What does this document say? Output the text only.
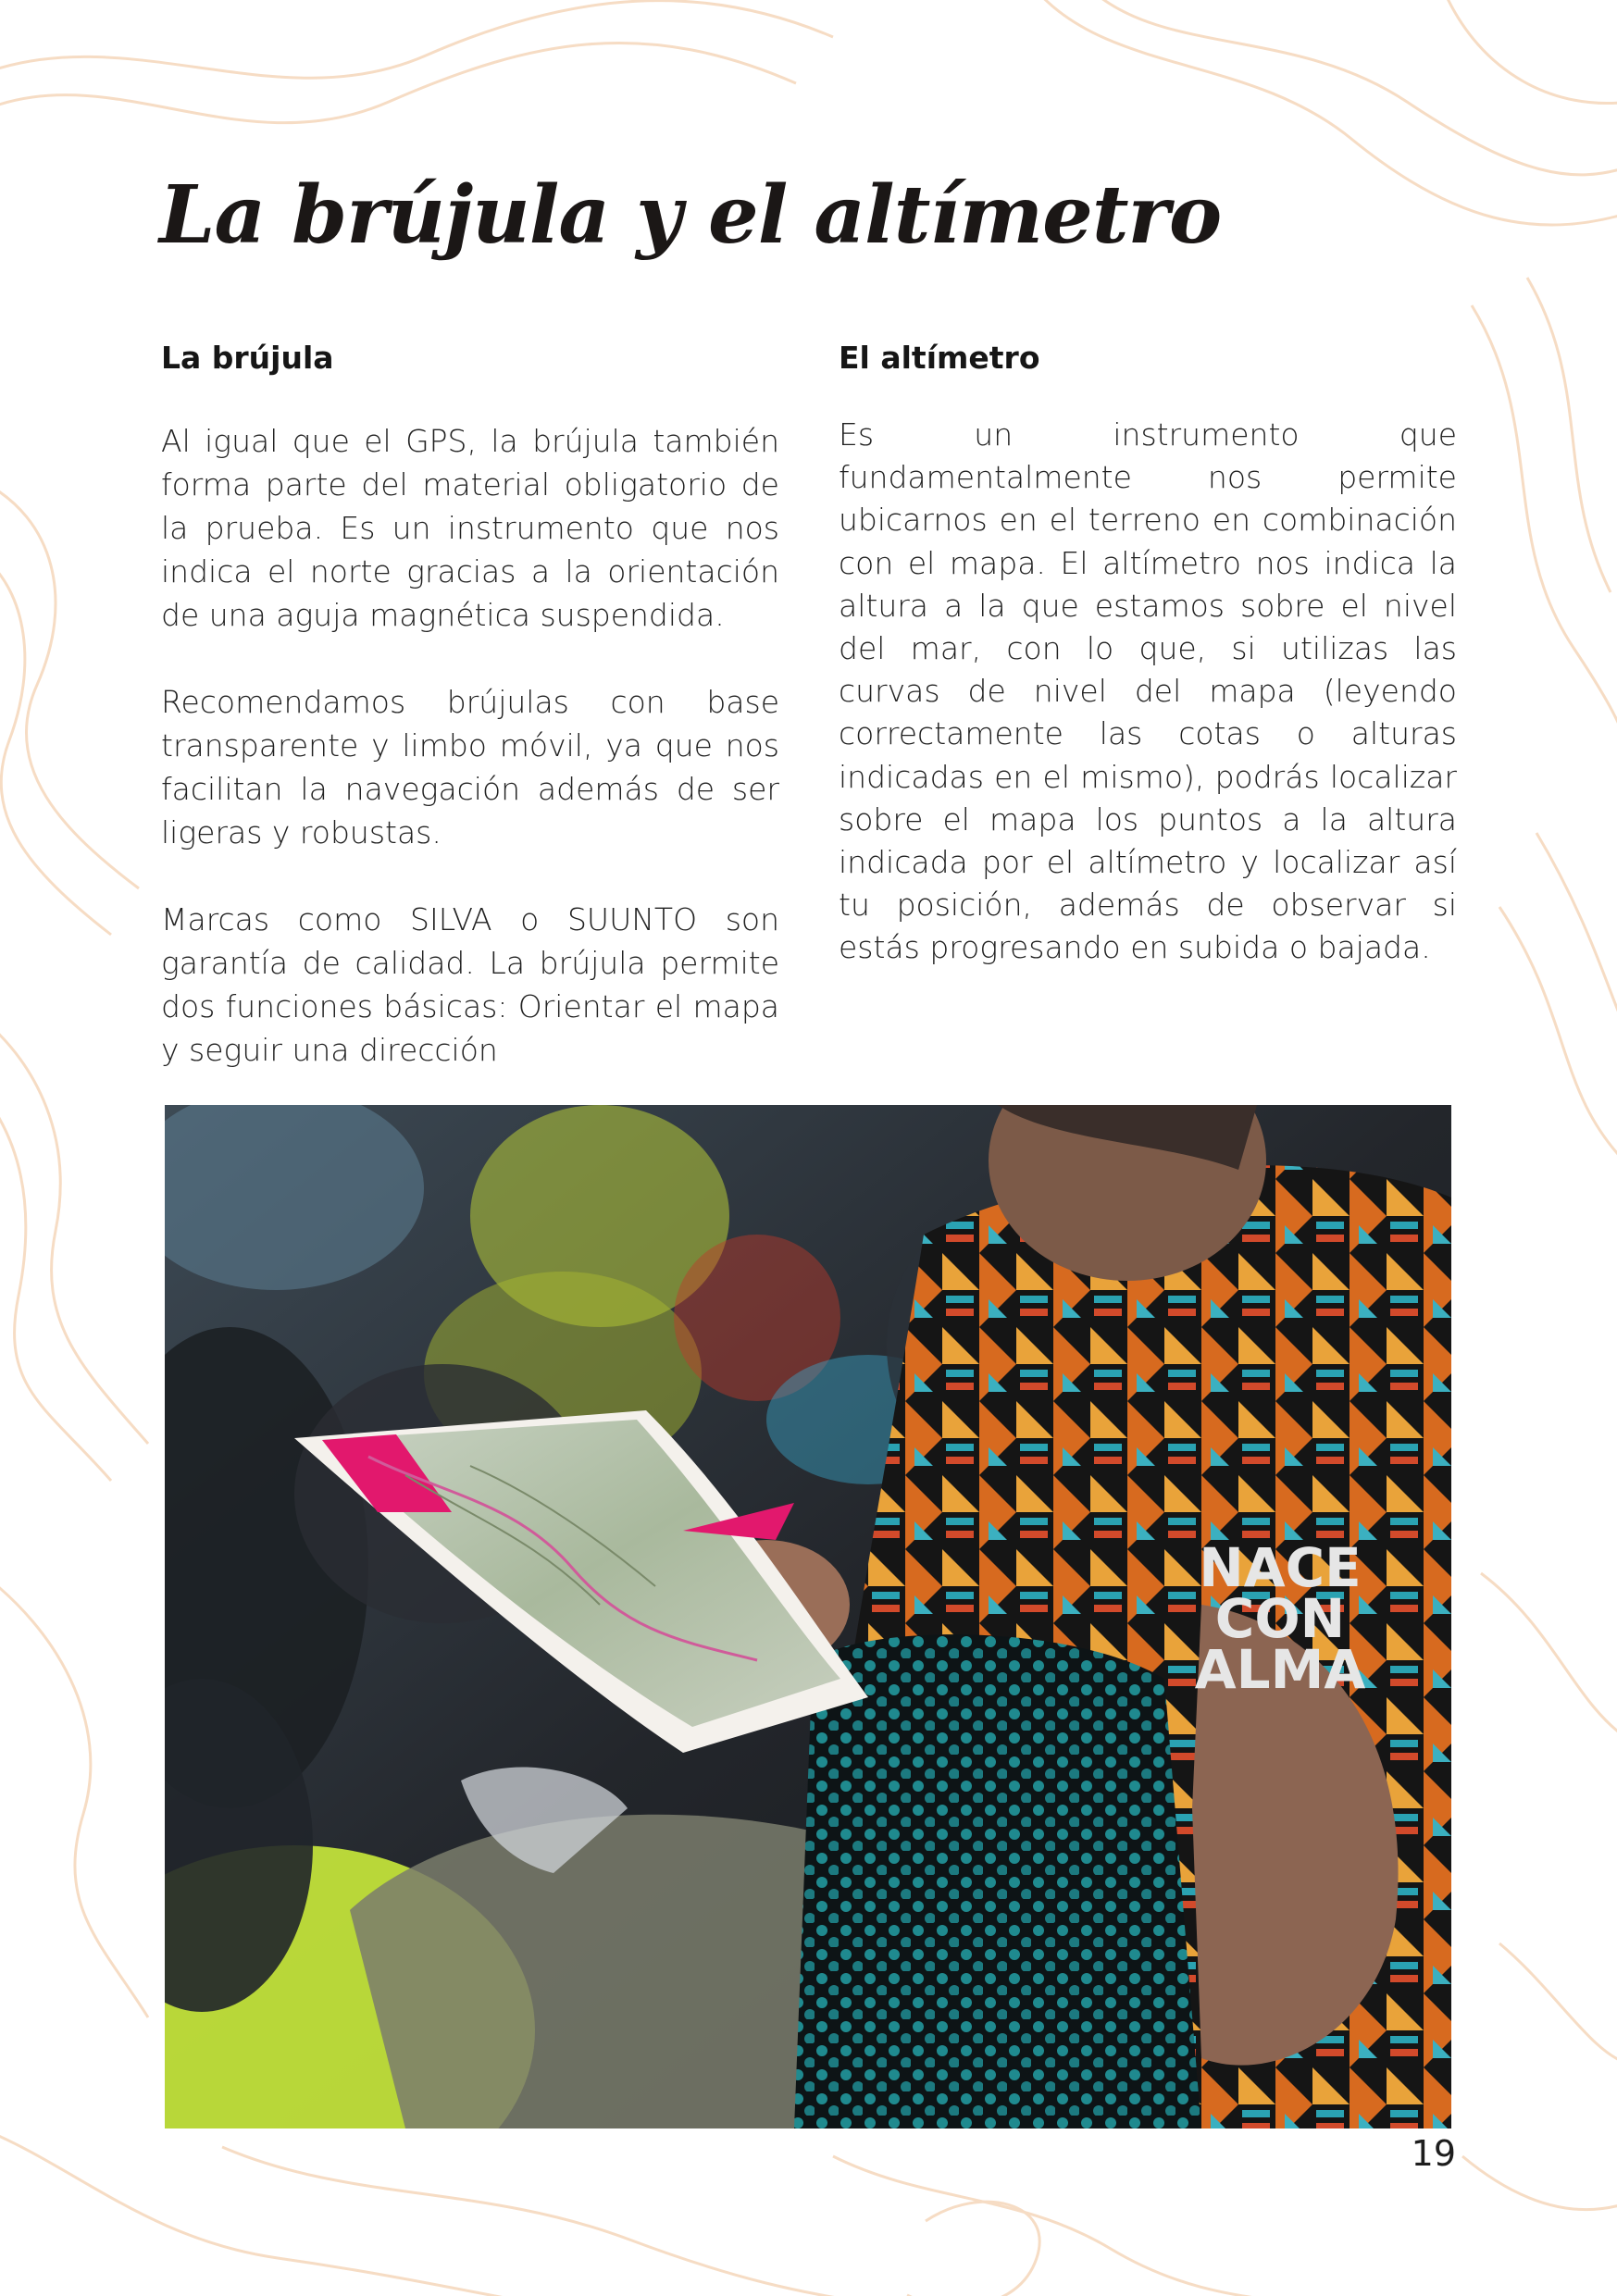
La brújula y el altímetro
La brújula

Al igual que el GPS, la brújula también forma parte del material obligatorio de la prueba. Es un instrumento que nos indica el norte gracias a la orientación de una aguja magnética suspendida.

Recomendamos brújulas con base transparente y limbo móvil, ya que nos facilitan la navegación además de ser ligeras y robustas.

Marcas como SILVA o SUUNTO son garantía de calidad. La brújula permite dos funciones básicas: Orientar el mapa y seguir una dirección

El altímetro

Es un instrumento que fundamentalmente nos permite ubicarnos en el terreno en combinación con el mapa. El altímetro nos indica la altura a la que estamos sobre el nivel del mar, con lo que, si utilizas las curvas de nivel del mapa (leyendo correctamente las cotas o alturas indicadas en el mismo), podrás localizar sobre el mapa los puntos a la altura indicada por el altímetro y localizar así tu posición, además de observar si estás progresando en subida o bajada.

NACE
CON
ALMA
19
